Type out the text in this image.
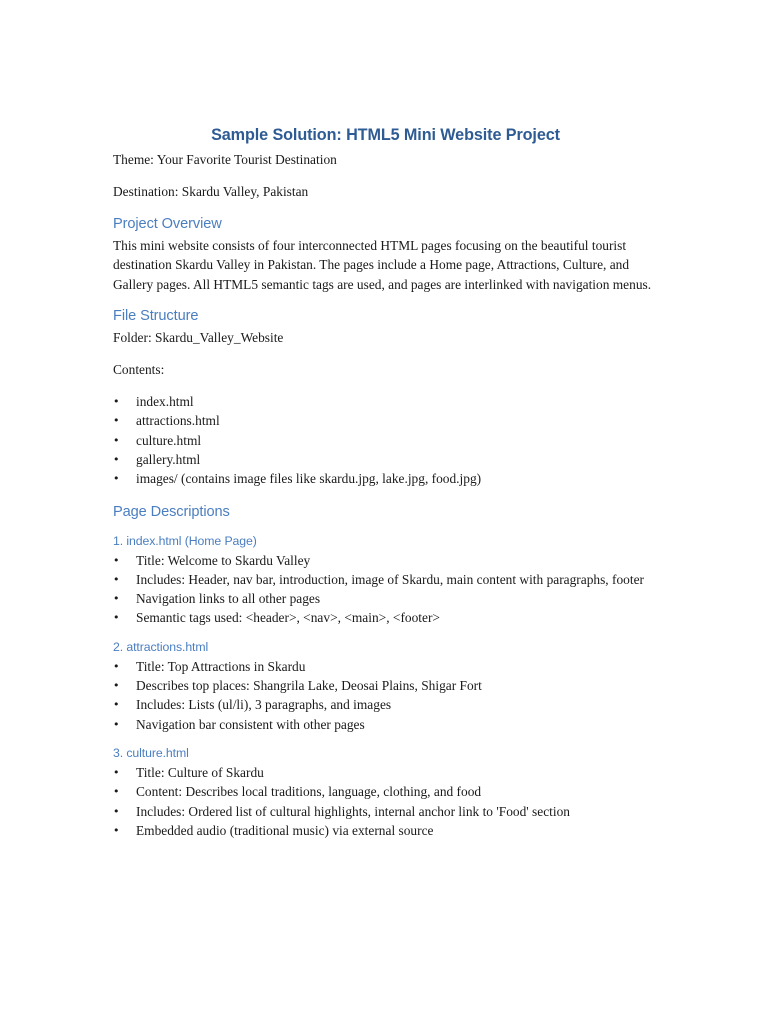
Sample Solution: HTML5 Mini Website Project

Theme: Your Favorite Tourist Destination

Destination: Skardu Valley, Pakistan

Project Overview

This mini website consists of four interconnected HTML pages focusing on the beautiful tourist destination Skardu Valley in Pakistan. The pages include a Home page, Attractions, Culture, and Gallery pages. All HTML5 semantic tags are used, and pages are interlinked with navigation menus.

File Structure

Folder: Skardu_Valley_Website

Contents:

• index.html
• attractions.html
• culture.html
• gallery.html
• images/ (contains image files like skardu.jpg, lake.jpg, food.jpg)
Page Descriptions
1. index.html (Home Page)
• Title: Welcome to Skardu Valley
• Includes: Header, nav bar, introduction, image of Skardu, main content with paragraphs, footer
• Navigation links to all other pages
• Semantic tags used: <header>, <nav>, <main>, <footer>
2. attractions.html
• Title: Top Attractions in Skardu
• Describes top places: Shangrila Lake, Deosai Plains, Shigar Fort
• Includes: Lists (ul/li), 3 paragraphs, and images
• Navigation bar consistent with other pages
3. culture.html
• Title: Culture of Skardu
• Content: Describes local traditions, language, clothing, and food
• Includes: Ordered list of cultural highlights, internal anchor link to 'Food' section
• Embedded audio (traditional music) via external source
